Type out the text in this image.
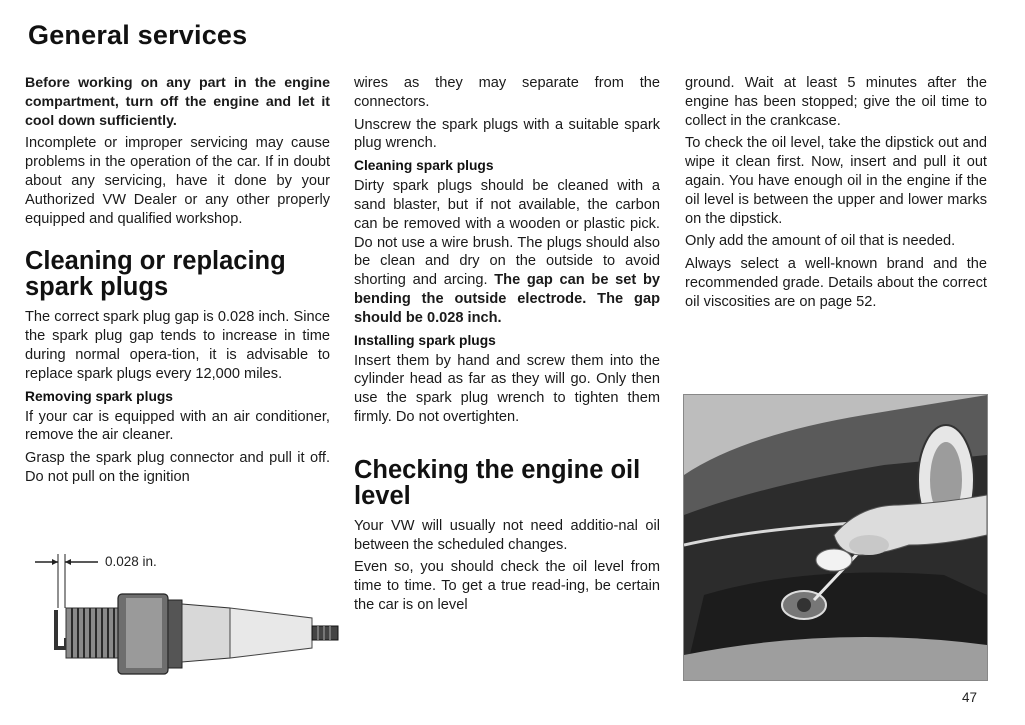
General services

Before working on any part in the engine compartment, turn off the engine and let it cool down sufficiently.

Incomplete or improper servicing may cause problems in the operation of the car. If in doubt about any servicing, have it done by your Authorized VW Dealer or any other properly equipped and qualified workshop.

Cleaning or replacing spark plugs

The correct spark plug gap is 0.028 inch. Since the spark plug gap tends to increase in time during normal opera-tion, it is advisable to replace spark plugs every 12,000 miles.

Removing spark plugs

If your car is equipped with an air conditioner, remove the air cleaner.

Grasp the spark plug connector and pull it off. Do not pull on the ignition

0.028 in.

wires as they may separate from the connectors.

Unscrew the spark plugs with a suitable spark plug wrench.

Cleaning spark plugs

Dirty spark plugs should be cleaned with a sand blaster, but if not available, the carbon can be removed with a wooden or plastic pick. Do not use a wire brush. The plugs should also be clean and dry on the outside to avoid shorting and arcing. The gap can be set by bending the outside electrode. The gap should be 0.028 inch.

Installing spark plugs

Insert them by hand and screw them into the cylinder head as far as they will go. Only then use the spark plug wrench to tighten them firmly. Do not overtighten.

Checking the engine oil level

Your VW will usually not need additio-nal oil between the scheduled changes.

Even so, you should check the oil level from time to time. To get a true read-ing, be certain the car is on level

ground. Wait at least 5 minutes after the engine has been stopped; give the oil time to collect in the crankcase.

To check the oil level, take the dipstick out and wipe it clean first. Now, insert and pull it out again. You have enough oil in the engine if the oil level is between the upper and lower marks on the dipstick.

Only add the amount of oil that is needed.

Always select a well-known brand and the recommended grade. Details about the correct oil viscosities are on page 52.

47
